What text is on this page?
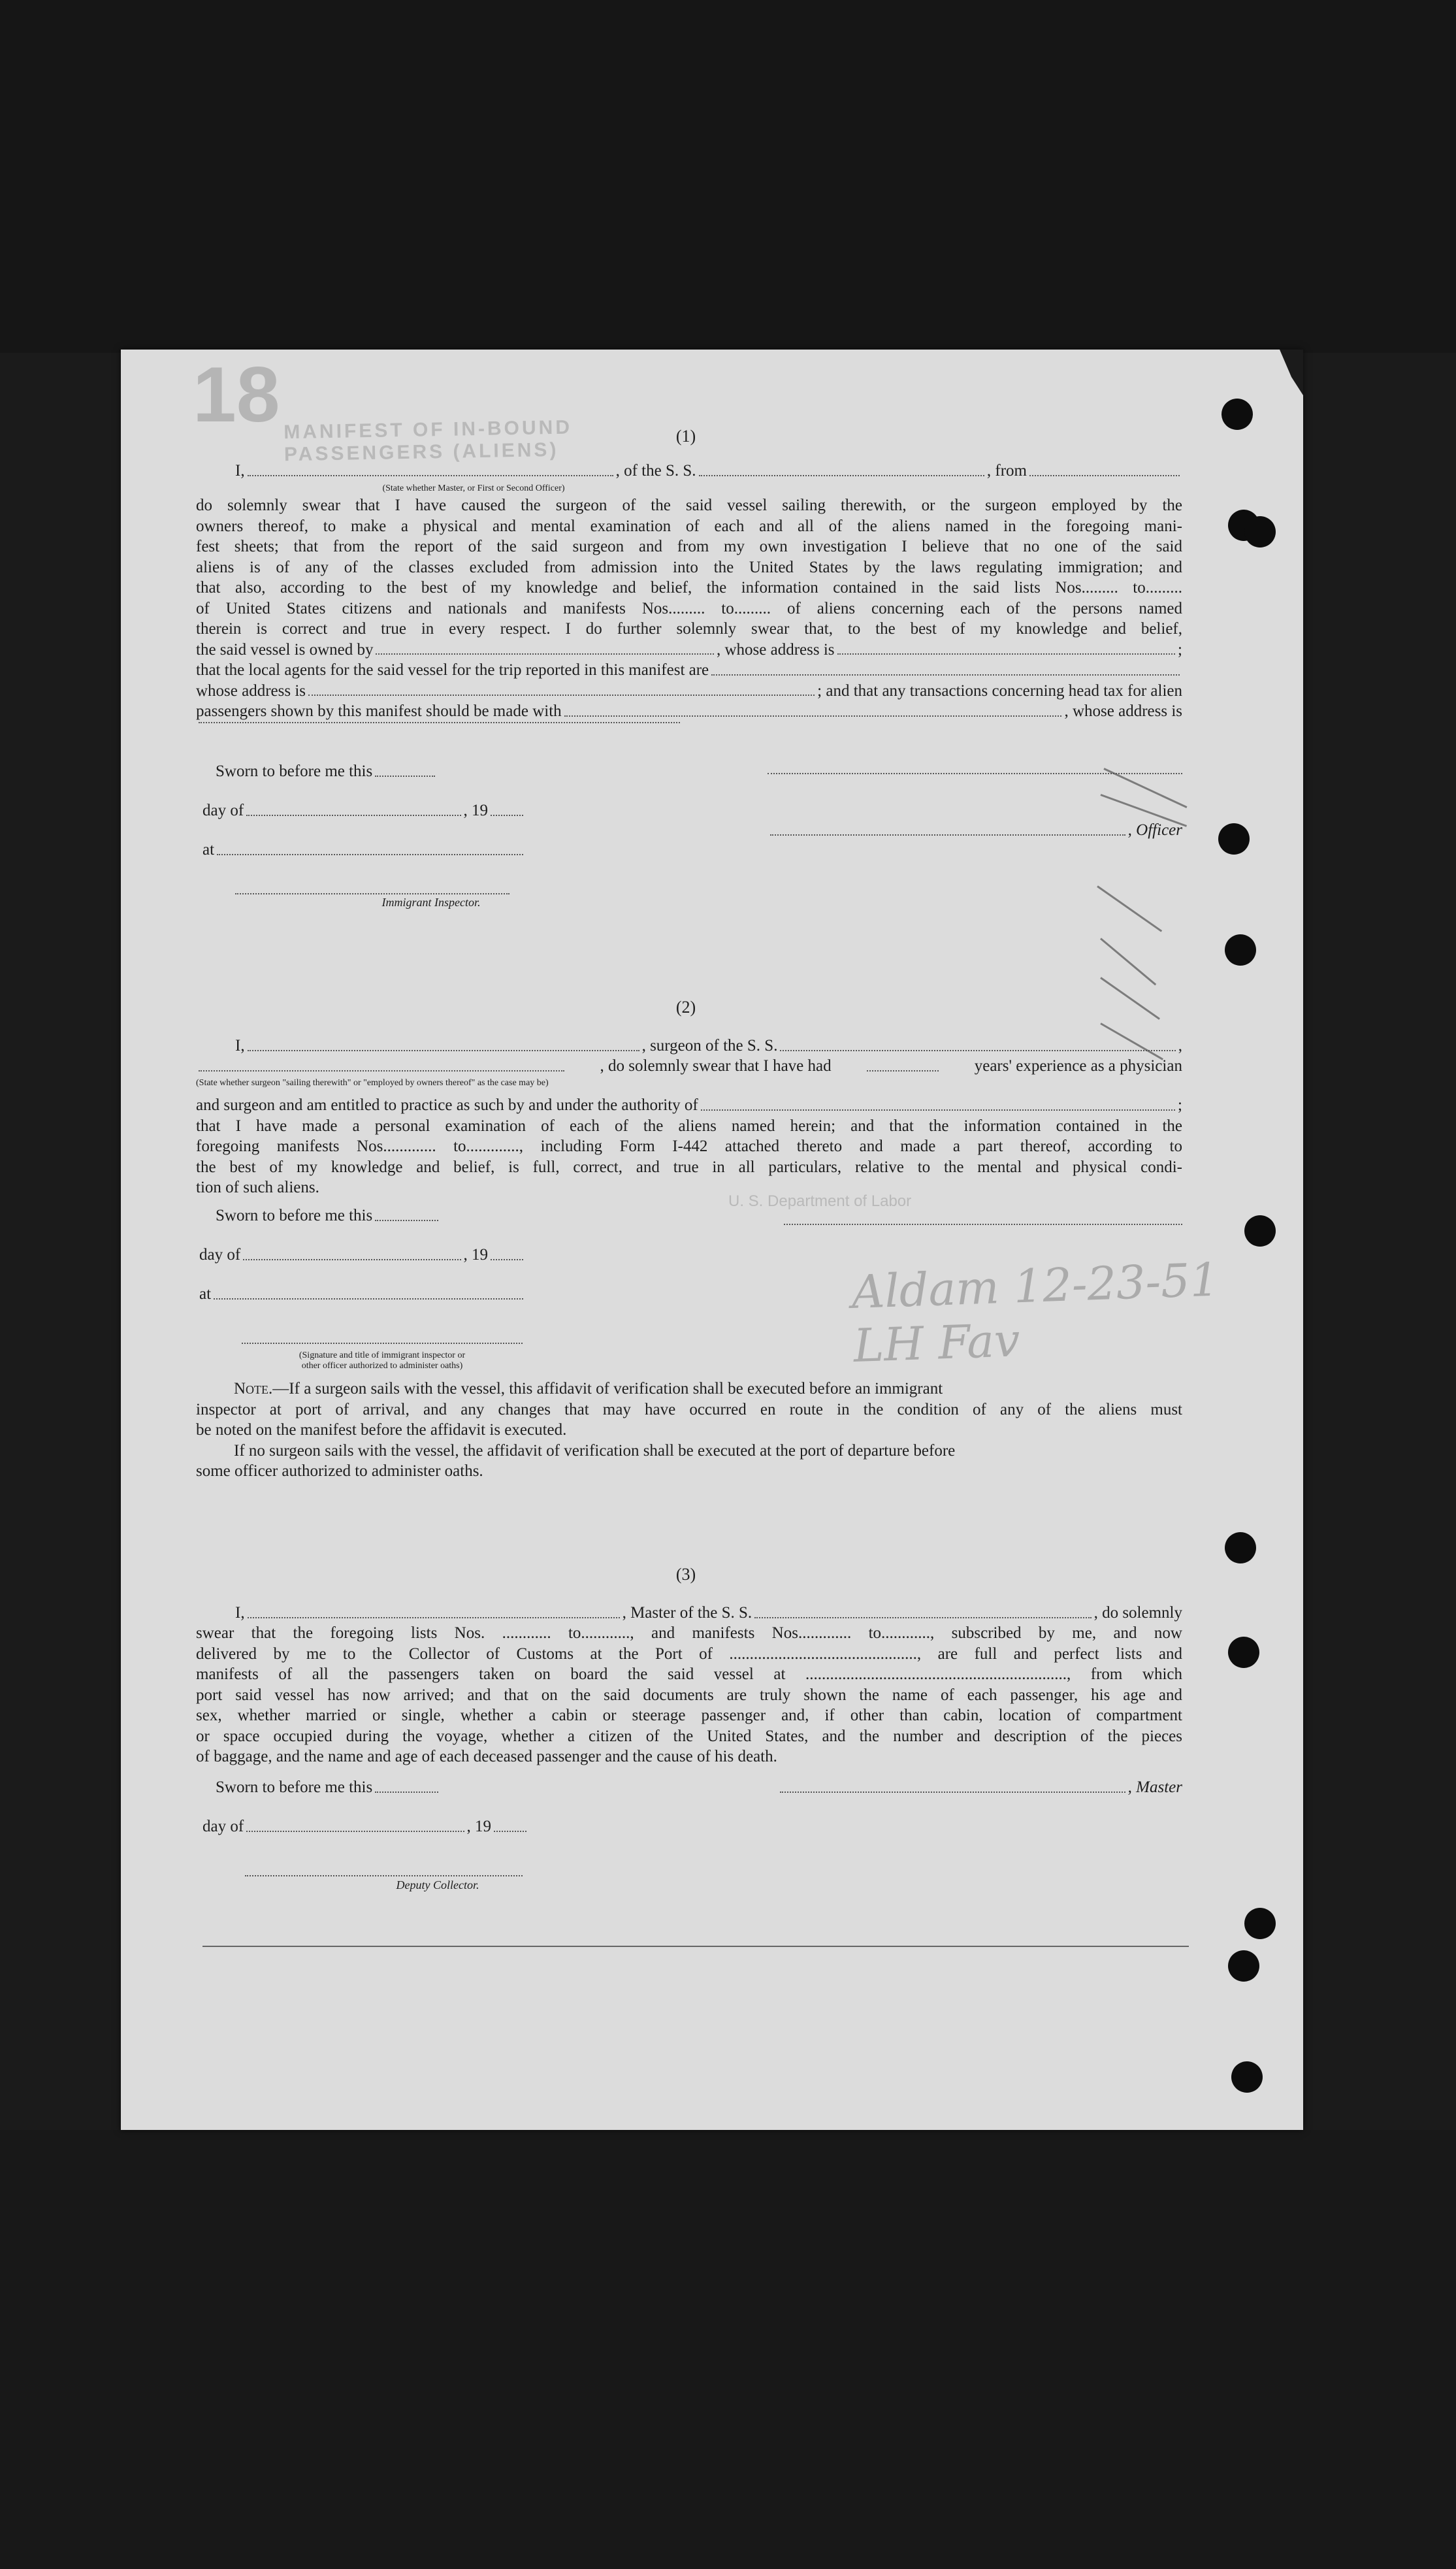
18 MANIFEST OF IN-BOUND PASSENGERS (ALIENS)
(1)
I,	, of the S. S.	, from
(State whether Master, or First or Second Officer)
do solemnly swear that I have caused the surgeon of the said vessel sailing therewith, or the surgeon employed by the
owners thereof, to make a physical and mental examination of each and all of the aliens named in the foregoing mani-
fest sheets; that from the report of the said surgeon and from my own investigation I believe that no one of the said
aliens is of any of the classes excluded from admission into the United States by the laws regulating immigration; and
that also, according to the best of my knowledge and belief, the information contained in the said lists Nos......... to.........
of United States citizens and nationals and manifests Nos......... to......... of aliens concerning each of the persons named
therein is correct and true in every respect. I do further solemnly swear that, to the best of my knowledge and belief,
the said vessel is owned by	, whose address is	;
that the local agents for the said vessel for the trip reported in this manifest are
whose address is	; and that any transactions concerning head tax for alien
passengers shown by this manifest should be made with	, whose address is
Sworn to before me this
day of	, 19
at
Immigrant Inspector.
, Officer
(2)
I,	, surgeon of the S. S.	,
, do solemnly swear that I have had	years' experience as a physician
(State whether surgeon "sailing therewith" or "employed by owners thereof" as the case may be)
and surgeon and am entitled to practice as such by and under the authority of	;
that I have made a personal examination of each of the aliens named herein; and that the information contained in the
foregoing manifests Nos............. to............., including Form I-442 attached thereto and made a part thereof, according to
the best of my knowledge and belief, is full, correct, and true in all particulars, relative to the mental and physical condi-
tion of such aliens.
Sworn to before me this
day of	, 19
at
(Signature and title of immigrant inspector or
other officer authorized to administer oaths)
Note.—If a surgeon sails with the vessel, this affidavit of verification shall be executed before an immigrant
inspector at port of arrival, and any changes that may have occurred en route in the condition of any of the aliens must
be noted on the manifest before the affidavit is executed.
If no surgeon sails with the vessel, the affidavit of verification shall be executed at the port of departure before
some officer authorized to administer oaths.
Aldam 12-23-51 LH Fav
U. S. Department of Labor
(3)
I,	, Master of the S. S.	, do solemnly
swear that the foregoing lists Nos. ............ to............, and manifests Nos............. to............, subscribed by me, and now
delivered by me to the Collector of Customs at the Port of .............................................., are full and perfect lists and
manifests of all the passengers taken on board the said vessel at ................................................................, from which
port said vessel has now arrived; and that on the said documents are truly shown the name of each passenger, his age and
sex, whether married or single, whether a cabin or steerage passenger and, if other than cabin, location of compartment
or space occupied during the voyage, whether a citizen of the United States, and the number and description of the pieces
of baggage, and the name and age of each deceased passenger and the cause of his death.
Sworn to before me this	, Master
day of	, 19
Deputy Collector.
